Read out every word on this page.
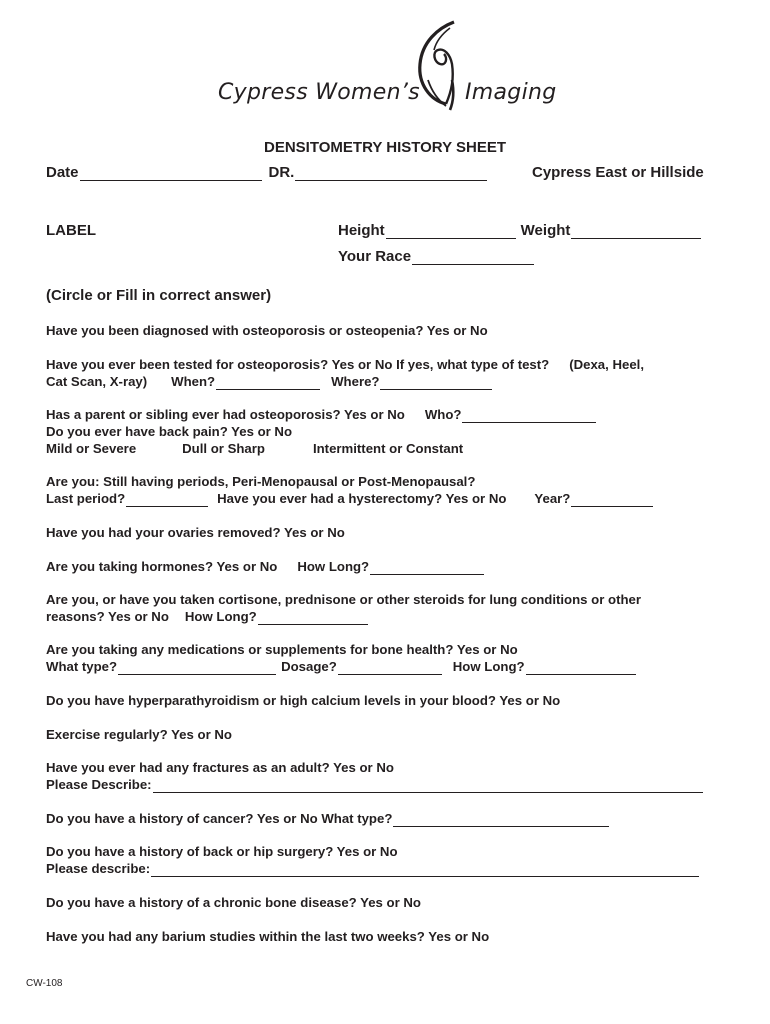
Cypress Women’s Imaging
DENSITOMETRY HISTORY SHEET
Date	DR.	Cypress East or Hillside
LABEL	Height	Weight
Your Race
(Circle or Fill in correct answer)
Have you been diagnosed with osteoporosis or osteopenia? Yes or No
Have you ever been tested for osteoporosis? Yes or No If yes, what type of test? (Dexa, Heel,
Cat Scan, X-ray) When?	Where?
Has a parent or sibling ever had osteoporosis? Yes or No Who?
Do you ever have back pain? Yes or No
Mild or Severe	Dull or Sharp	Intermittent or Constant
Are you: Still having periods, Peri-Menopausal or Post-Menopausal?
Last period?	Have you ever had a hysterectomy? Yes or No Year?
Have you had your ovaries removed? Yes or No
Are you taking hormones? Yes or No How Long?
Are you, or have you taken cortisone, prednisone or other steroids for lung conditions or other
reasons? Yes or No How Long?
Are you taking any medications or supplements for bone health? Yes or No
What type?	Dosage?	How Long?
Do you have hyperparathyroidism or high calcium levels in your blood? Yes or No
Exercise regularly? Yes or No
Have you ever had any fractures as an adult? Yes or No
Please Describe:
Do you have a history of cancer? Yes or No What type?
Do you have a history of back or hip surgery? Yes or No
Please describe:
Do you have a history of a chronic bone disease? Yes or No
Have you had any barium studies within the last two weeks? Yes or No
CW-108
